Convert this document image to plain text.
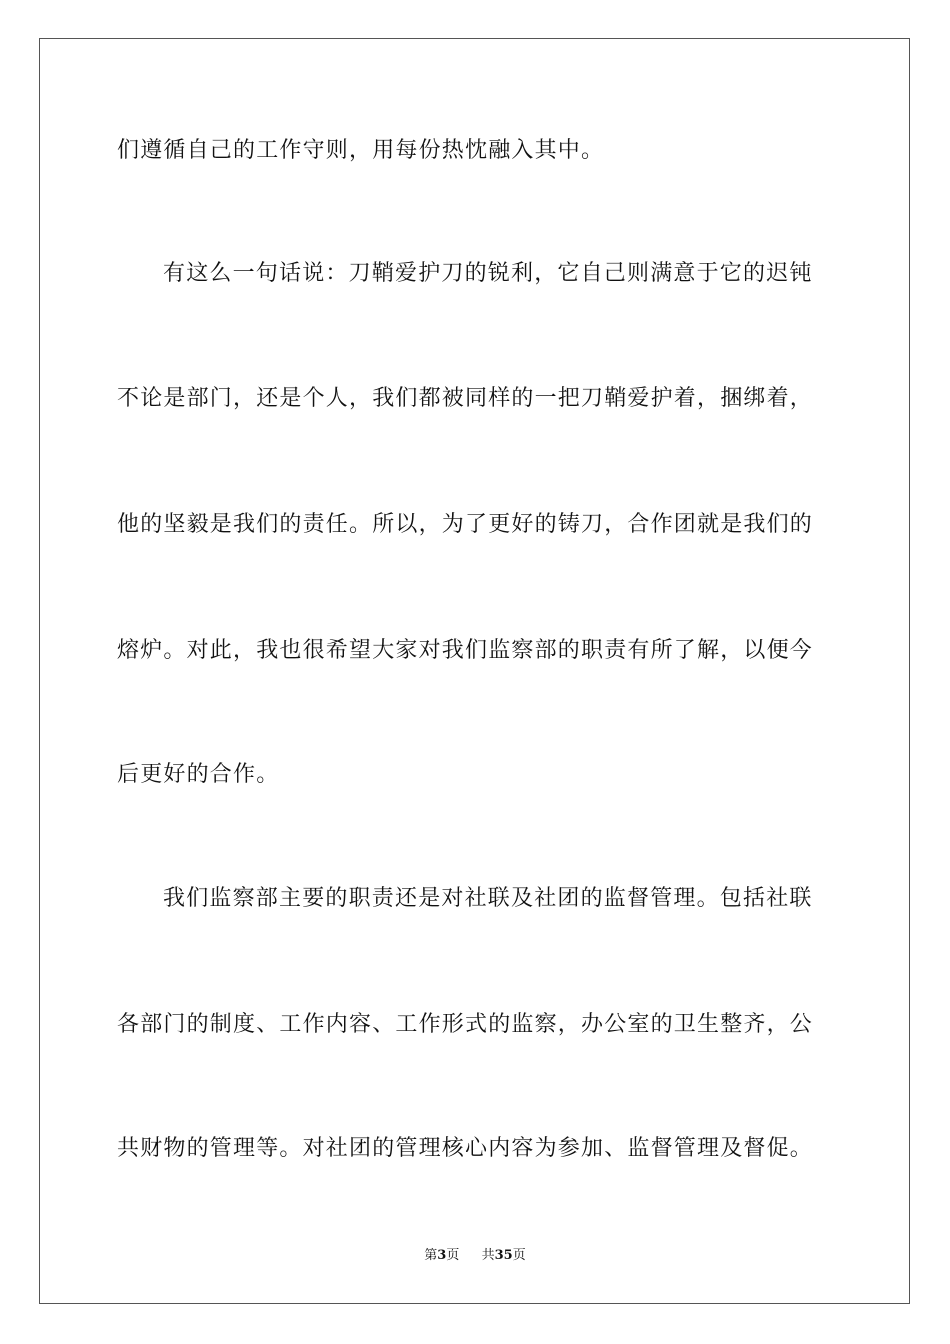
们遵循自己的工作守则，用每份热忱融入其中。
有这么一句话说：刀鞘爱护刀的锐利，它自己则满意于它的迟钝
不论是部门，还是个人，我们都被同样的一把刀鞘爱护着，捆绑着，
他的坚毅是我们的责任。所以，为了更好的铸刀，合作团就是我们的
熔炉。对此，我也很希望大家对我们监察部的职责有所了解，以便今
后更好的合作。
我们监察部主要的职责还是对社联及社团的监督管理。包括社联
各部门的制度、工作内容、工作形式的监察，办公室的卫生整齐，公
共财物的管理等。对社团的管理核心内容为参加、监督管理及督促。
第3页 共35页
